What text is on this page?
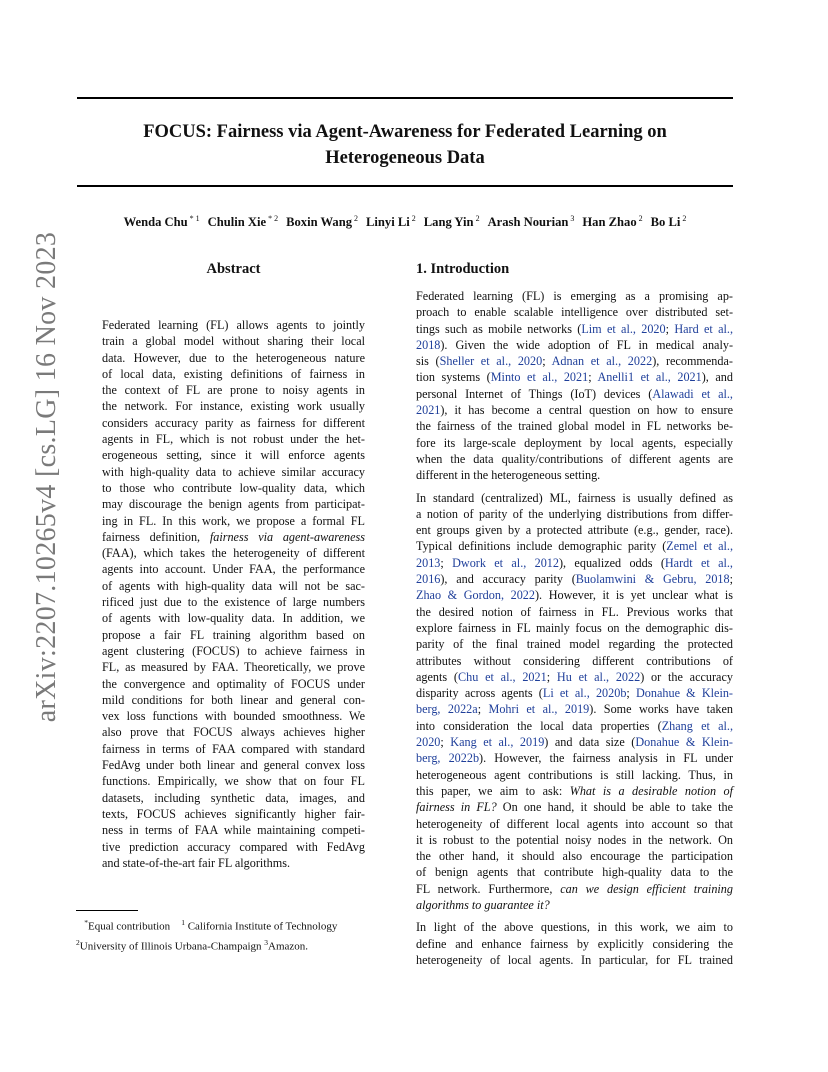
FOCUS: Fairness via Agent-Awareness for Federated Learning on
Heterogeneous Data
Wenda Chu $^{* 1}$ Chulin Xie $^{* 2}$ Boxin Wang $^2$ Linyi Li $^2$ Lang Yin $^2$ Arash Nourian $^3$ Han Zhao $^2$ Bo Li $^2$
arXiv:2207.10265v4 [cs.LG] 16 Nov 2023	Abstract
Federated learning (FL) allows agents to jointly
train a global model without sharing their local
data. However, due to the heterogeneous nature
of local data, existing definitions of fairness in
the context of FL are prone to noisy agents in
the network. For instance, existing work usually
considers accuracy parity as fairness for different
agents in FL, which is not robust under the het-
erogeneous setting, since it will enforce agents
with high-quality data to achieve similar accuracy
to those who contribute low-quality data, which
may discourage the benign agents from participat-
ing in FL. In this work, we propose a formal FL
fairness definition, fairness via agent-awareness
(FAA), which takes the heterogeneity of different
agents into account. Under FAA, the performance
of agents with high-quality data will not be sac-
rificed just due to the existence of large numbers
of agents with low-quality data. In addition, we
propose a fair FL training algorithm based on
agent clustering (FOCUS) to achieve fairness in
FL, as measured by FAA. Theoretically, we prove
the convergence and optimality of FOCUS under
mild conditions for both linear and general con-
vex loss functions with bounded smoothness. We
also prove that FOCUS always achieves higher
fairness in terms of FAA compared with standard
FedAvg under both linear and general convex loss
functions. Empirically, we show that on four FL
datasets, including synthetic data, images, and
texts, FOCUS achieves significantly higher fair-
ness in terms of FAA while maintaining competi-
tive prediction accuracy compared with FedAvg
and state-of-the-art fair FL algorithms.
1. Introduction
Federated learning (FL) is emerging as a promising ap-
proach to enable scalable intelligence over distributed set-
tings such as mobile networks (Lim et al., 2020; Hard et al.,
2018). Given the wide adoption of FL in medical analy-
sis (Sheller et al., 2020; Adnan et al., 2022), recommenda-
tion systems (Minto et al., 2021; Anelli1 et al., 2021), and
personal Internet of Things (IoT) devices (Alawadi et al.,
2021), it has become a central question on how to ensure
the fairness of the trained global model in FL networks be-
fore its large-scale deployment by local agents, especially
when the data quality/contributions of different agents are
different in the heterogeneous setting.
In standard (centralized) ML, fairness is usually defined as
a notion of parity of the underlying distributions from differ-
ent groups given by a protected attribute (e.g., gender, race).
Typical definitions include demographic parity (Zemel et al.,
2013; Dwork et al., 2012), equalized odds (Hardt et al.,
2016), and accuracy parity (Buolamwini & Gebru, 2018;
Zhao & Gordon, 2022). However, it is yet unclear what is
the desired notion of fairness in FL. Previous works that
explore fairness in FL mainly focus on the demographic dis-
parity of the final trained model regarding the protected
attributes without considering different contributions of
agents (Chu et al., 2021; Hu et al., 2022) or the accuracy
disparity across agents (Li et al., 2020b; Donahue & Klein-
berg, 2022a; Mohri et al., 2019). Some works have taken
into consideration the local data properties (Zhang et al.,
2020; Kang et al., 2019) and data size (Donahue & Klein-
berg, 2022b). However, the fairness analysis in FL under
heterogeneous agent contributions is still lacking. Thus, in
this paper, we aim to ask: What is a desirable notion of
fairness in FL? On one hand, it should be able to take the
heterogeneity of different local agents into account so that
it is robust to the potential noisy nodes in the network. On
the other hand, it should also encourage the participation
of benign agents that contribute high-quality data to the
FL network. Furthermore, can we design efficient training
algorithms to guarantee it?
In light of the above questions, in this work, we aim to
define and enhance fairness by explicitly considering the
heterogeneity of local agents. In particular, for FL trained
*Equal contribution $^1$ California Institute of Technology
$^2$University of Illinois Urbana-Champaign $^3$Amazon.
